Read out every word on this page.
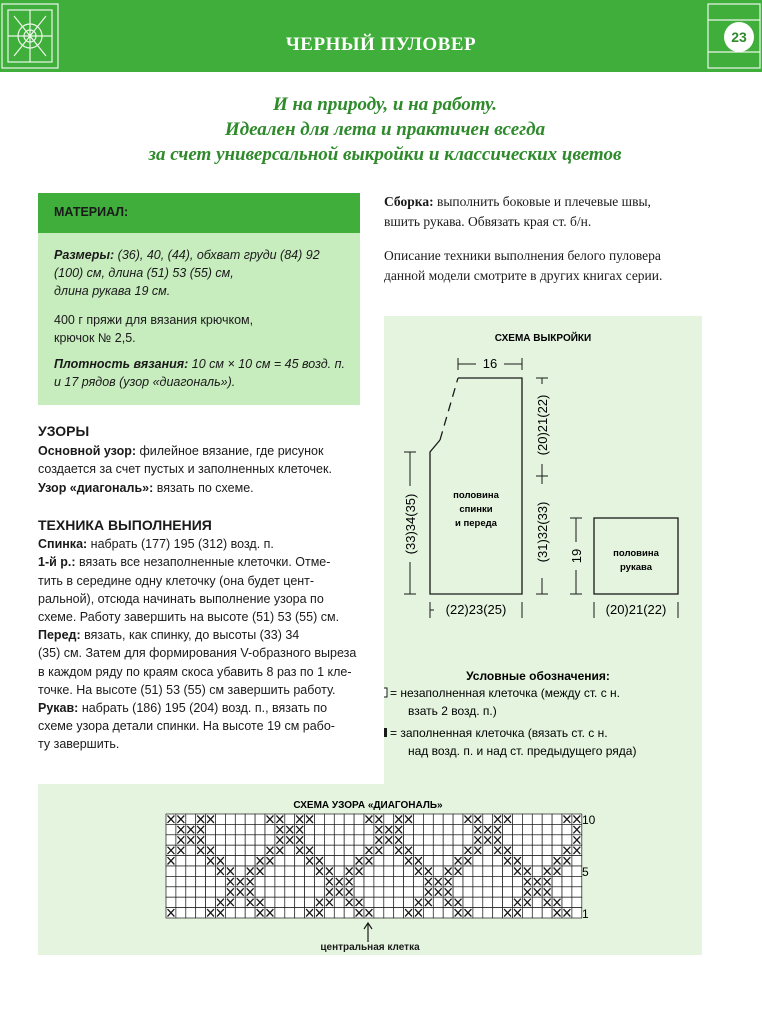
ЧЕРНЫЙ ПУЛОВЕР	23
И на природу, и на работу.
Идеален для лета и практичен всегда
за счет универсальной выкройки и классических цветов
МАТЕРИАЛ:

Размеры: (36), 40, (44), обхват груди (84) 92
(100) см, длина (51) 53 (55) см,
длина рукава 19 см.

400 г пряжи для вязания крючком,
крючок № 2,5.

Плотность вязания: 10 см × 10 см = 45 возд. п.
и 17 рядов (узор «диагональ»).

УЗОРЫ
Основной узор: филейное вязание, где рисунок
создается за счет пустых и заполненных клеточек.
Узор «диагональ»: вязать по схеме.
ТЕХНИКА ВЫПОЛНЕНИЯ
Спинка: набрать (177) 195 (312) возд. п.
1-й р.: вязать все незаполненные клеточки. Отме-
тить в середине одну клеточку (она будет цент-
ральной), отсюда начинать выполнение узора по
схеме. Работу завершить на высоте (51) 53 (55) см.
Перед: вязать, как спинку, до высоты (33) 34
(35) см. Затем для формирования V-образного выреза
в каждом ряду по краям скоса убавить 8 раз по 1 кле-
точке. На высоте (51) 53 (55) см завершить работу.
Рукав: набрать (186) 195 (204) возд. п., вязать по
схеме узора детали спинки. На высоте 19 см рабо-
ту завершить.
Сборка: выполнить боковые и плечевые швы,
вшить рукава. Обвязать края ст. б/н.
Описание техники выполнения белого пуловера
данной модели смотрите в других книгах серии.
СХЕМА ВЫКРОЙКИ
16
(33)34(35)
(20)21(22)
(31)32(33)
половина
спинки
и переда
(22)23(25)
19	половина
рукава
(20)21(22)
Условные обозначения:
= незаполненная клеточка (между ст. с н.
взать 2 возд. п.)
= заполненная клеточка (вязать ст. с н.
над возд. п. и над ст. предыдущего ряда)
СХЕМА УЗОРА «ДИАГОНАЛЬ»
10
5
1
центральная клетка
